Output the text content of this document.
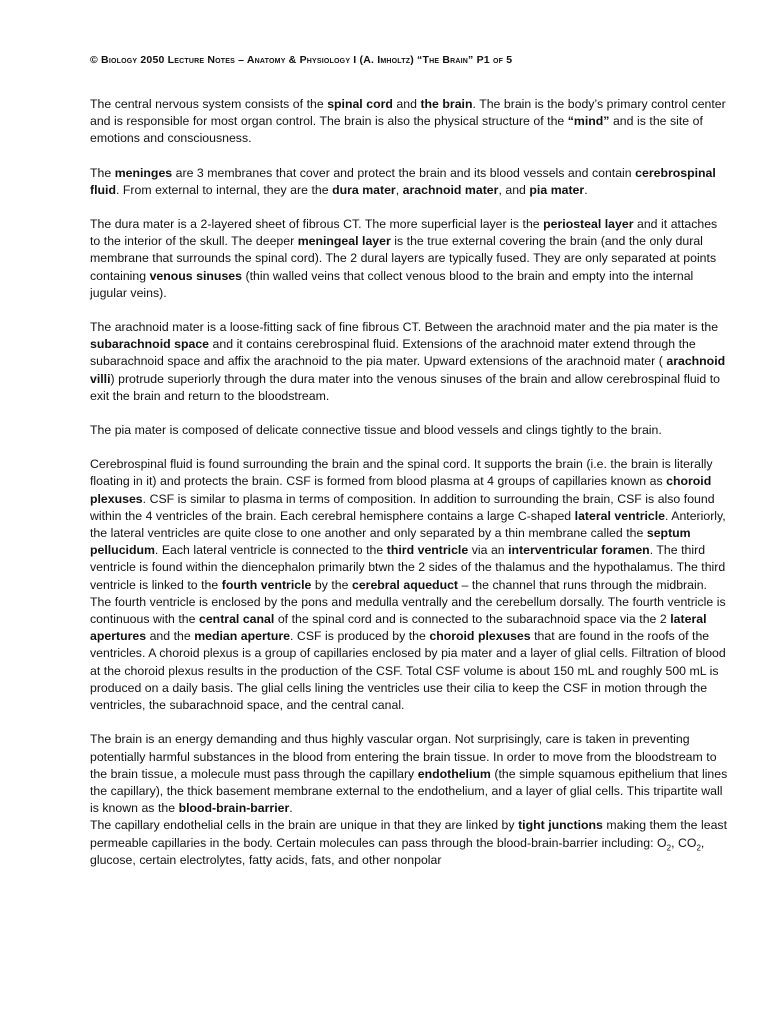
© Biology 2050 Lecture Notes – Anatomy & Physiology I (A. Imholtz) “The Brain” P1 of 5

The central nervous system consists of the spinal cord and the brain. The brain is the body’s primary control center and is responsible for most organ control. The brain is also the physical structure of the “mind” and is the site of emotions and consciousness.

The meninges are 3 membranes that cover and protect the brain and its blood vessels and contain cerebrospinal fluid. From external to internal, they are the dura mater, arachnoid mater, and pia mater.

The dura mater is a 2-layered sheet of fibrous CT. The more superficial layer is the periosteal layer and it attaches to the interior of the skull. The deeper meningeal layer is the true external covering the brain (and the only dural membrane that surrounds the spinal cord). The 2 dural layers are typically fused. They are only separated at points containing venous sinuses (thin walled veins that collect venous blood to the brain and empty into the internal jugular veins).

The arachnoid mater is a loose-fitting sack of fine fibrous CT. Between the arachnoid mater and the pia mater is the subarachnoid space and it contains cerebrospinal fluid. Extensions of the arachnoid mater extend through the subarachnoid space and affix the arachnoid to the pia mater. Upward extensions of the arachnoid mater ( arachnoid villi) protrude superiorly through the dura mater into the venous sinuses of the brain and allow cerebrospinal fluid to exit the brain and return to the bloodstream.

The pia mater is composed of delicate connective tissue and blood vessels and clings tightly to the brain.

Cerebrospinal fluid is found surrounding the brain and the spinal cord. It supports the brain (i.e. the brain is literally floating in it) and protects the brain. CSF is formed from blood plasma at 4 groups of capillaries known as choroid plexuses. CSF is similar to plasma in terms of composition. In addition to surrounding the brain, CSF is also found within the 4 ventricles of the brain. Each cerebral hemisphere contains a large C-shaped lateral ventricle. Anteriorly, the lateral ventricles are quite close to one another and only separated by a thin membrane called the septum pellucidum. Each lateral ventricle is connected to the third ventricle via an interventricular foramen. The third ventricle is found within the diencephalon primarily btwn the 2 sides of the thalamus and the hypothalamus. The third ventricle is linked to the fourth ventricle by the cerebral aqueduct – the channel that runs through the midbrain. The fourth ventricle is enclosed by the pons and medulla ventrally and the cerebellum dorsally. The fourth ventricle is continuous with the central canal of the spinal cord and is connected to the subarachnoid space via the 2 lateral apertures and the median aperture. CSF is produced by the choroid plexuses that are found in the roofs of the ventricles. A choroid plexus is a group of capillaries enclosed by pia mater and a layer of glial cells. Filtration of blood at the choroid plexus results in the production of the CSF. Total CSF volume is about 150 mL and roughly 500 mL is produced on a daily basis. The glial cells lining the ventricles use their cilia to keep the CSF in motion through the ventricles, the subarachnoid space, and the central canal.

The brain is an energy demanding and thus highly vascular organ. Not surprisingly, care is taken in preventing potentially harmful substances in the blood from entering the brain tissue. In order to move from the bloodstream to the brain tissue, a molecule must pass through the capillary endothelium (the simple squamous epithelium that lines the capillary), the thick basement membrane external to the endothelium, and a layer of glial cells. This tripartite wall is known as the blood-brain-barrier.

The capillary endothelial cells in the brain are unique in that they are linked by tight junctions making them the least permeable capillaries in the body. Certain molecules can pass through the blood-brain-barrier including: $O_2$, $CO_2$, glucose, certain electrolytes, fatty acids, fats, and other nonpolar
